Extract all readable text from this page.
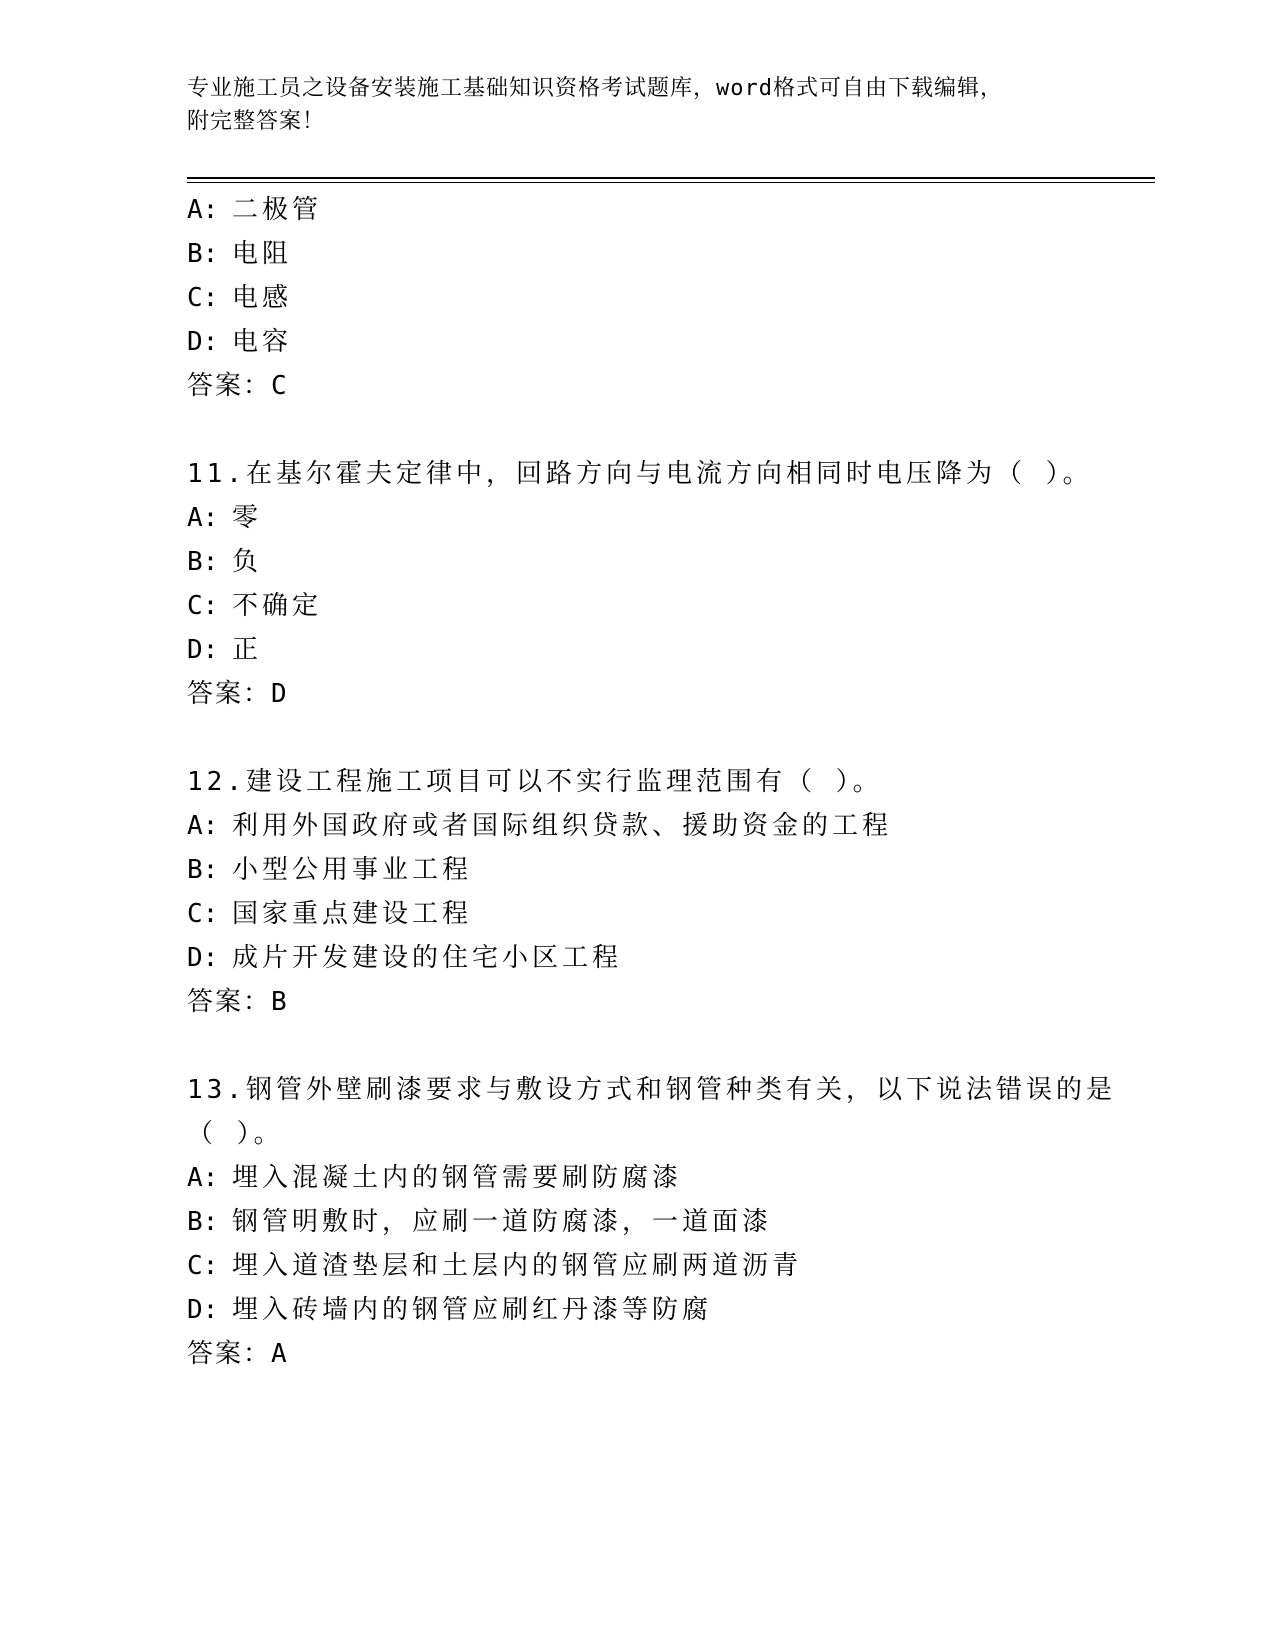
专业施工员之设备安装施工基础知识资格考试题库，word格式可自由下载编辑，
附完整答案！
A: 二极管
B: 电阻
C: 电感
D: 电容
答案：C
11.在基尔霍夫定律中，回路方向与电流方向相同时电压降为（ ）。
A: 零
B: 负
C: 不确定
D: 正
答案：D
12.建设工程施工项目可以不实行监理范围有（ ）。
A: 利用外国政府或者国际组织贷款、援助资金的工程
B: 小型公用事业工程
C: 国家重点建设工程
D: 成片开发建设的住宅小区工程
答案：B
13.钢管外壁刷漆要求与敷设方式和钢管种类有关，以下说法错误的是
（ ）。
A: 埋入混凝土内的钢管需要刷防腐漆
B: 钢管明敷时，应刷一道防腐漆，一道面漆
C: 埋入道渣垫层和土层内的钢管应刷两道沥青
D: 埋入砖墙内的钢管应刷红丹漆等防腐
答案：A
